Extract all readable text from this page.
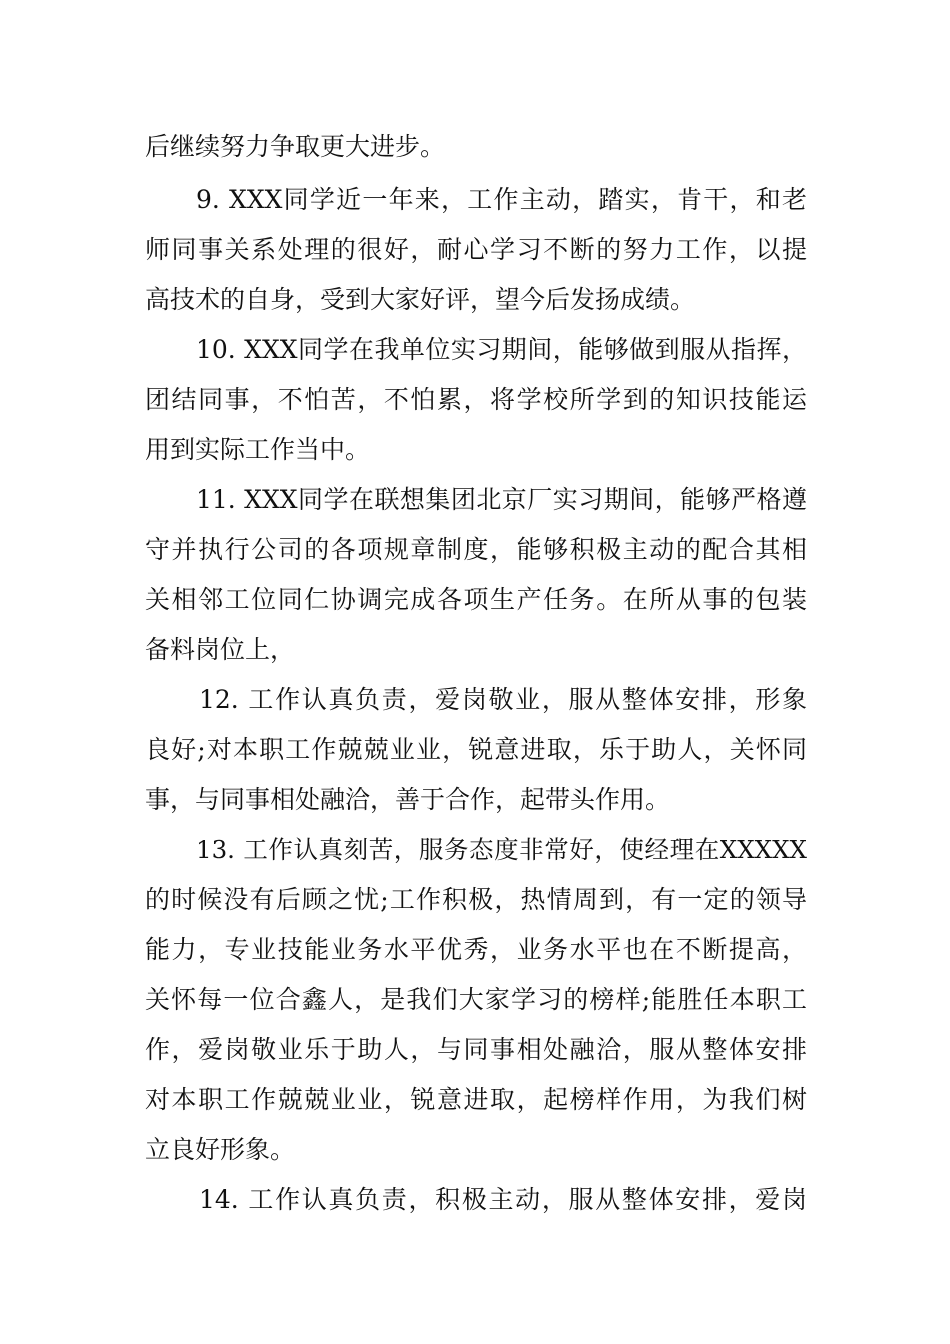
后继续努力争取更大进步。
9. XXX同学近一年来，工作主动，踏实，肯干，和老
师同事关系处理的很好，耐心学习不断的努力工作，以提
高技术的自身，受到大家好评，望今后发扬成绩。
10. XXX同学在我单位实习期间，能够做到服从指挥，
团结同事，不怕苦，不怕累，将学校所学到的知识技能运
用到实际工作当中。
11. XXX同学在联想集团北京厂实习期间，能够严格遵
守并执行公司的各项规章制度，能够积极主动的配合其相
关相邻工位同仁协调完成各项生产任务。在所从事的包装
备料岗位上，
12. 工作认真负责，爱岗敬业，服从整体安排，形象
良好;对本职工作兢兢业业，锐意进取，乐于助人，关怀同
事，与同事相处融洽，善于合作，起带头作用。
13. 工作认真刻苦，服务态度非常好，使经理在XXXXX
的时候没有后顾之忧;工作积极，热情周到，有一定的领导
能力，专业技能业务水平优秀，业务水平也在不断提高，
关怀每一位合鑫人，是我们大家学习的榜样;能胜任本职工
作，爱岗敬业乐于助人，与同事相处融洽，服从整体安排
对本职工作兢兢业业，锐意进取，起榜样作用，为我们树
立良好形象。
14. 工作认真负责，积极主动，服从整体安排，爱岗
